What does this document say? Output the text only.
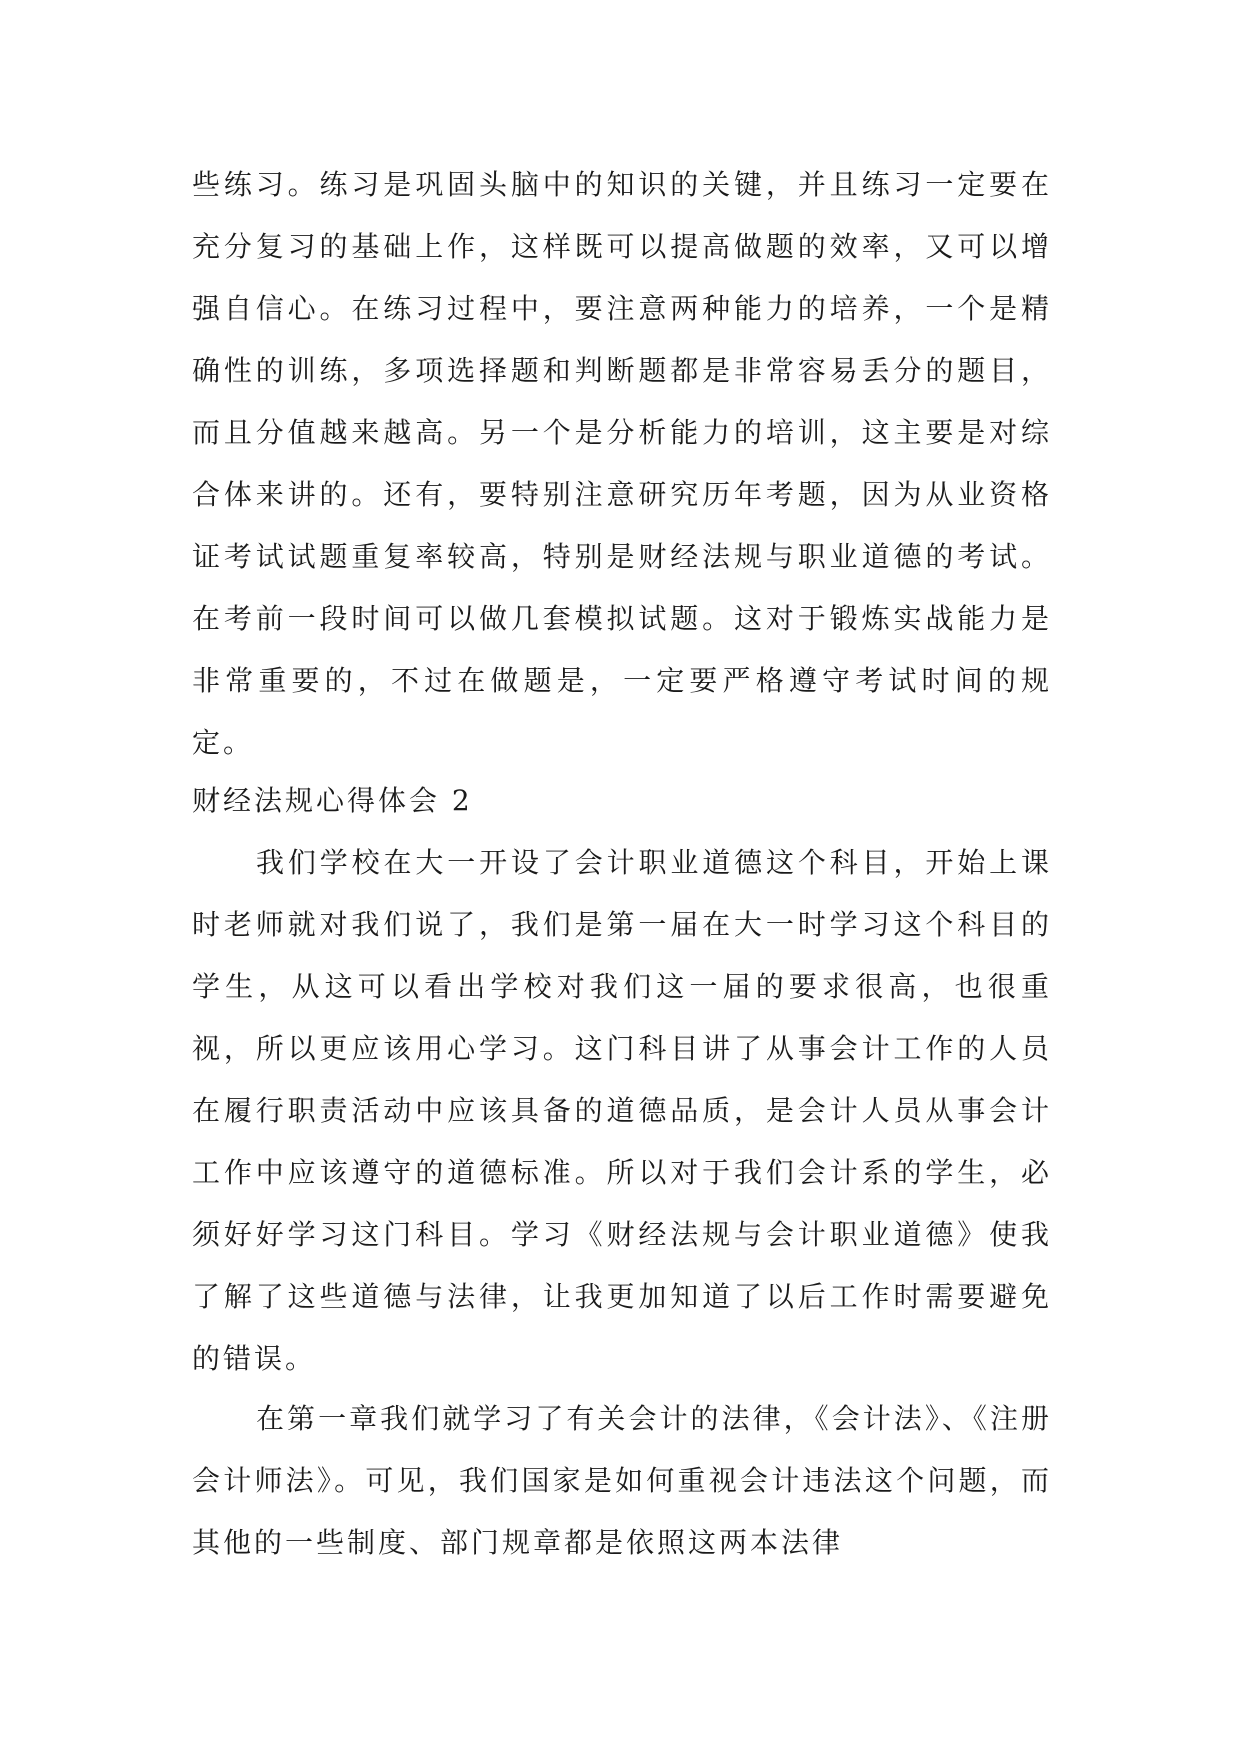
些练习。练习是巩固头脑中的知识的关键，并且练习一定要在充分复习的基础上作，这样既可以提高做题的效率，又可以增强自信心。在练习过程中，要注意两种能力的培养，一个是精确性的训练，多项选择题和判断题都是非常容易丢分的题目，而且分值越来越高。另一个是分析能力的培训，这主要是对综合体来讲的。还有，要特别注意研究历年考题，因为从业资格证考试试题重复率较高，特别是财经法规与职业道德的考试。在考前一段时间可以做几套模拟试题。这对于锻炼实战能力是非常重要的，不过在做题是，一定要严格遵守考试时间的规定。

财经法规心得体会 2

我们学校在大一开设了会计职业道德这个科目，开始上课时老师就对我们说了，我们是第一届在大一时学习这个科目的学生，从这可以看出学校对我们这一届的要求很高，也很重视，所以更应该用心学习。这门科目讲了从事会计工作的人员在履行职责活动中应该具备的道德品质，是会计人员从事会计工作中应该遵守的道德标准。所以对于我们会计系的学生，必须好好学习这门科目。学习《财经法规与会计职业道德》使我了解了这些道德与法律，让我更加知道了以后工作时需要避免的错误。

在第一章我们就学习了有关会计的法律，《会计法》、《注册会计师法》。可见，我们国家是如何重视会计违法这个问题，而其他的一些制度、部门规章都是依照这两本法律
